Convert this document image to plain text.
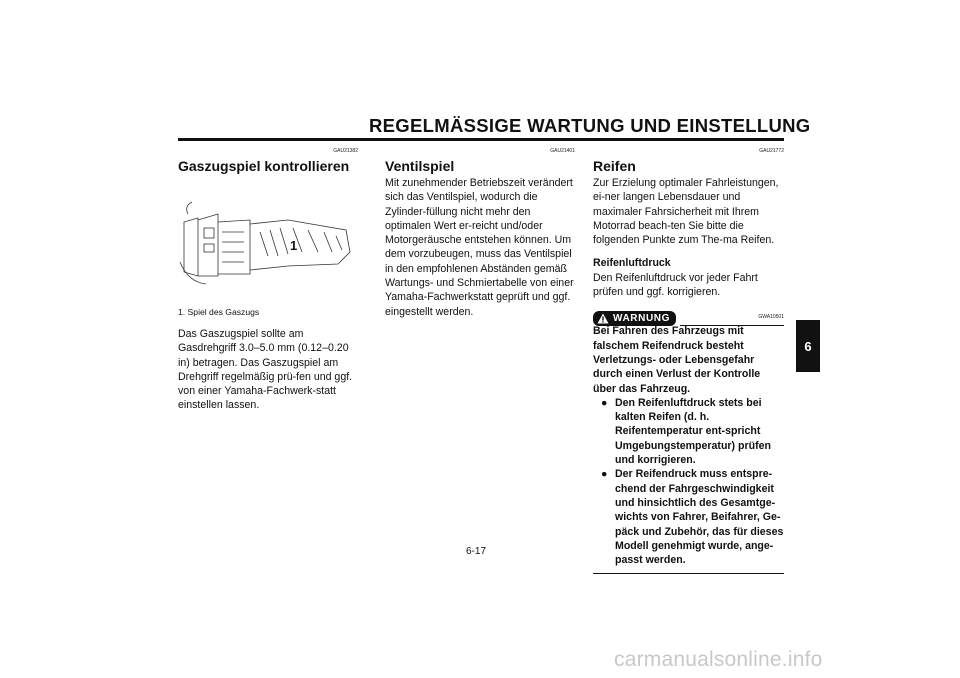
REGELMÄSSIGE WARTUNG UND EINSTELLUNG
GAU21382
Gaszugspiel kontrollieren
1
1. Spiel des Gaszugs

Das Gaszugspiel sollte am Gasdrehgriff 3.0–5.0 mm (0.12–0.20 in) betragen. Das Gaszugspiel am Drehgriff regelmäßig prü-fen und ggf. von einer Yamaha-Fachwerk-statt einstellen lassen.

GAU21401
Ventilspiel

Mit zunehmender Betriebszeit verändert sich das Ventilspiel, wodurch die Zylinder-füllung nicht mehr den optimalen Wert er-reicht und/oder Motorgeräusche entstehen können. Um dem vorzubeugen, muss das Ventilspiel in den empfohlenen Abständen gemäß Wartungs- und Schmiertabelle von einer Yamaha-Fachwerkstatt geprüft und ggf. eingestellt werden.

GAU21772
Reifen

Zur Erzielung optimaler Fahrleistungen, ei-ner langen Lebensdauer und maximaler Fahrsicherheit mit Ihrem Motorrad beach-ten Sie bitte die folgenden Punkte zum The-ma Reifen.

Reifenluftdruck

Den Reifenluftdruck vor jeder Fahrt prüfen und ggf. korrigieren.

WARNUNG	GWA10501
Bei Fahren des Fahrzeugs mit falschem Reifendruck besteht Verletzungs- oder Lebensgefahr durch einen Verlust der Kontrolle über das Fahrzeug.
● Den Reifenluftdruck stets bei kalten Reifen (d. h. Reifentemperatur ent-spricht Umgebungstemperatur) prüfen und korrigieren.
● Der Reifendruck muss entspre-chend der Fahrgeschwindigkeit und hinsichtlich des Gesamtge-wichts von Fahrer, Beifahrer, Ge-päck und Zubehör, das für dieses Modell genehmigt wurde, ange-passt werden.
6
6-17
carmanualsonline.info
